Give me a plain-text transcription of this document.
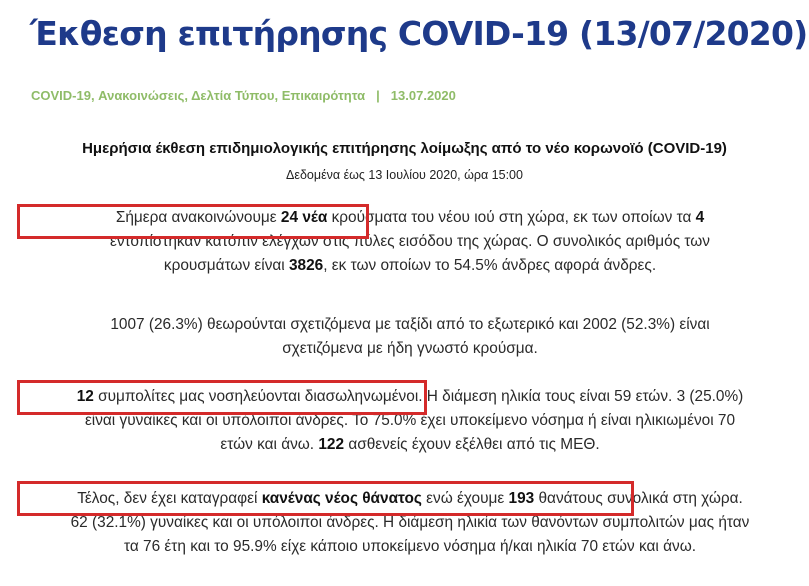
Έκθεση επιτήρησης COVID-19 (13/07/2020)
COVID-19, Ανακοινώσεις, Δελτία Τύπου, Επικαιρότητα | 13.07.2020
Ημερήσια έκθεση επιδημιολογικής επιτήρησης λοίμωξης από το νέο κορωνοϊό (COVID-19)
Δεδομένα έως 13 Ιουλίου 2020, ώρα 15:00
Σήμερα ανακοινώνουμε 24 νέα κρούσματα του νέου ιού στη χώρα, εκ των οποίων τα 4
εντοπίστηκαν κατόπιν ελέγχων στις πύλες εισόδου της χώρας. Ο συνολικός αριθμός των
κρουσμάτων είναι 3826, εκ των οποίων το 54.5% άνδρες αφορά άνδρες.
1007 (26.3%) θεωρούνται σχετιζόμενα με ταξίδι από το εξωτερικό και 2002 (52.3%) είναι
σχετιζόμενα με ήδη γνωστό κρούσμα.
12 συμπολίτες μας νοσηλεύονται διασωληνωμένοι. Η διάμεση ηλικία τους είναι 59 ετών. 3 (25.0%)
είναι γυναίκες και οι υπόλοιποι άνδρες. Το 75.0% έχει υποκείμενο νόσημα ή είναι ηλικιωμένοι 70
ετών και άνω. 122 ασθενείς έχουν εξέλθει από τις ΜΕΘ.
Τέλος, δεν έχει καταγραφεί κανένας νέος θάνατος ενώ έχουμε 193 θανάτους συνολικά στη χώρα.
62 (32.1%) γυναίκες και οι υπόλοιποι άνδρες. Η διάμεση ηλικία των θανόντων συμπολιτών μας ήταν
τα 76 έτη και το 95.9% είχε κάποιο υποκείμενο νόσημα ή/και ηλικία 70 ετών και άνω.
